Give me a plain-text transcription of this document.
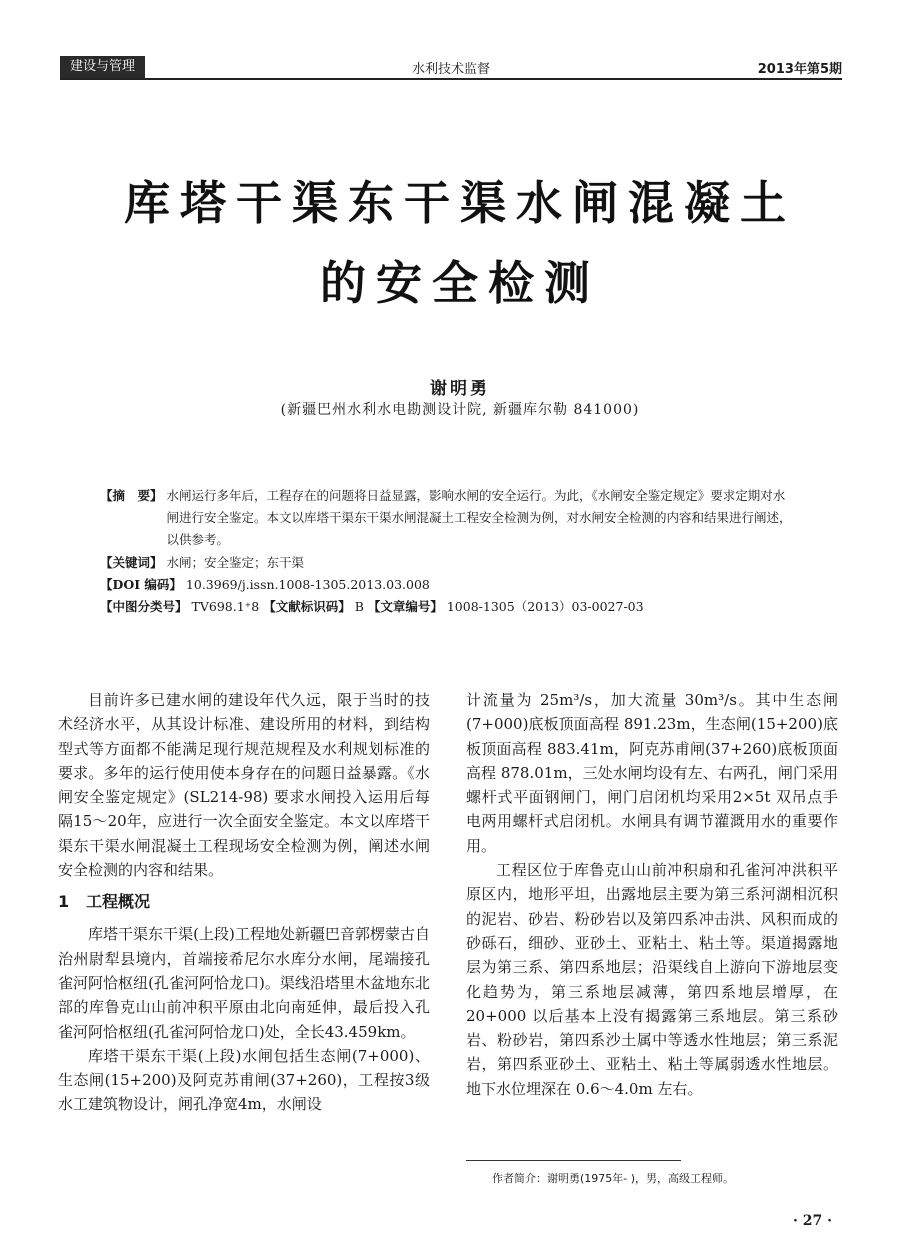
建设与管理	水利技术监督	2013年第5期
库塔干渠东干渠水闸混凝土
的安全检测
谢明勇
(新疆巴州水利水电勘测设计院, 新疆库尔勒 841000)
【摘　要】 水闸运行多年后，工程存在的问题将日益显露，影响水闸的安全运行。为此，《水闸安全鉴定规定》要求定期对水闸进行安全鉴定。本文以库塔干渠东干渠水闸混凝土工程安全检测为例，对水闸安全检测的内容和结果进行阐述，以供参考。
【关键词】 水闸；安全鉴定；东干渠
【DOI 编码】 10.3969/j.issn.1008-1305.2013.03.008
【中图分类号】 TV698.1⁺8 【文献标识码】 B 【文章编号】 1008-1305（2013）03-0027-03

目前许多已建水闸的建设年代久远，限于当时的技术经济水平，从其设计标准、建设所用的材料，到结构型式等方面都不能满足现行规范规程及水利规划标准的要求。多年的运行使用使本身存在的问题日益暴露。《水闸安全鉴定规定》(SL214-98) 要求水闸投入运用后每隔15～20年，应进行一次全面安全鉴定。本文以库塔干渠东干渠水闸混凝土工程现场安全检测为例，阐述水闸安全检测的内容和结果。

1 工程概况

库塔干渠东干渠(上段)工程地处新疆巴音郭楞蒙古自治州尉犁县境内，首端接希尼尔水库分水闸，尾端接孔雀河阿恰枢纽(孔雀河阿恰龙口)。渠线沿塔里木盆地东北部的库鲁克山山前冲积平原由北向南延伸，最后投入孔雀河阿恰枢纽(孔雀河阿恰龙口)处，全长43.459km。

库塔干渠东干渠(上段)水闸包括生态闸(7+000)、生态闸(15+200)及阿克苏甫闸(37+260)，工程按3级水工建筑物设计，闸孔净宽4m，水闸设

计流量为 25m³/s，加大流量 30m³/s。其中生态闸(7+000)底板顶面高程 891.23m，生态闸(15+200)底板顶面高程 883.41m，阿克苏甫闸(37+260)底板顶面高程 878.01m，三处水闸均设有左、右两孔，闸门采用螺杆式平面钢闸门，闸门启闭机均采用2×5t 双吊点手电两用螺杆式启闭机。水闸具有调节灌溉用水的重要作用。

工程区位于库鲁克山山前冲积扇和孔雀河冲洪积平原区内，地形平坦，出露地层主要为第三系河湖相沉积的泥岩、砂岩、粉砂岩以及第四系冲击洪、风积而成的砂砾石，细砂、亚砂土、亚粘土、粘土等。渠道揭露地层为第三系、第四系地层；沿渠线自上游向下游地层变化趋势为，第三系地层减薄，第四系地层增厚，在 20+000 以后基本上没有揭露第三系地层。第三系砂岩、粉砂岩，第四系沙土属中等透水性地层；第三系泥岩，第四系亚砂土、亚粘土、粘土等属弱透水性地层。地下水位埋深在 0.6～4.0m 左右。

作者简介：谢明勇(1975年- )，男，高级工程师。
· 27 ·
